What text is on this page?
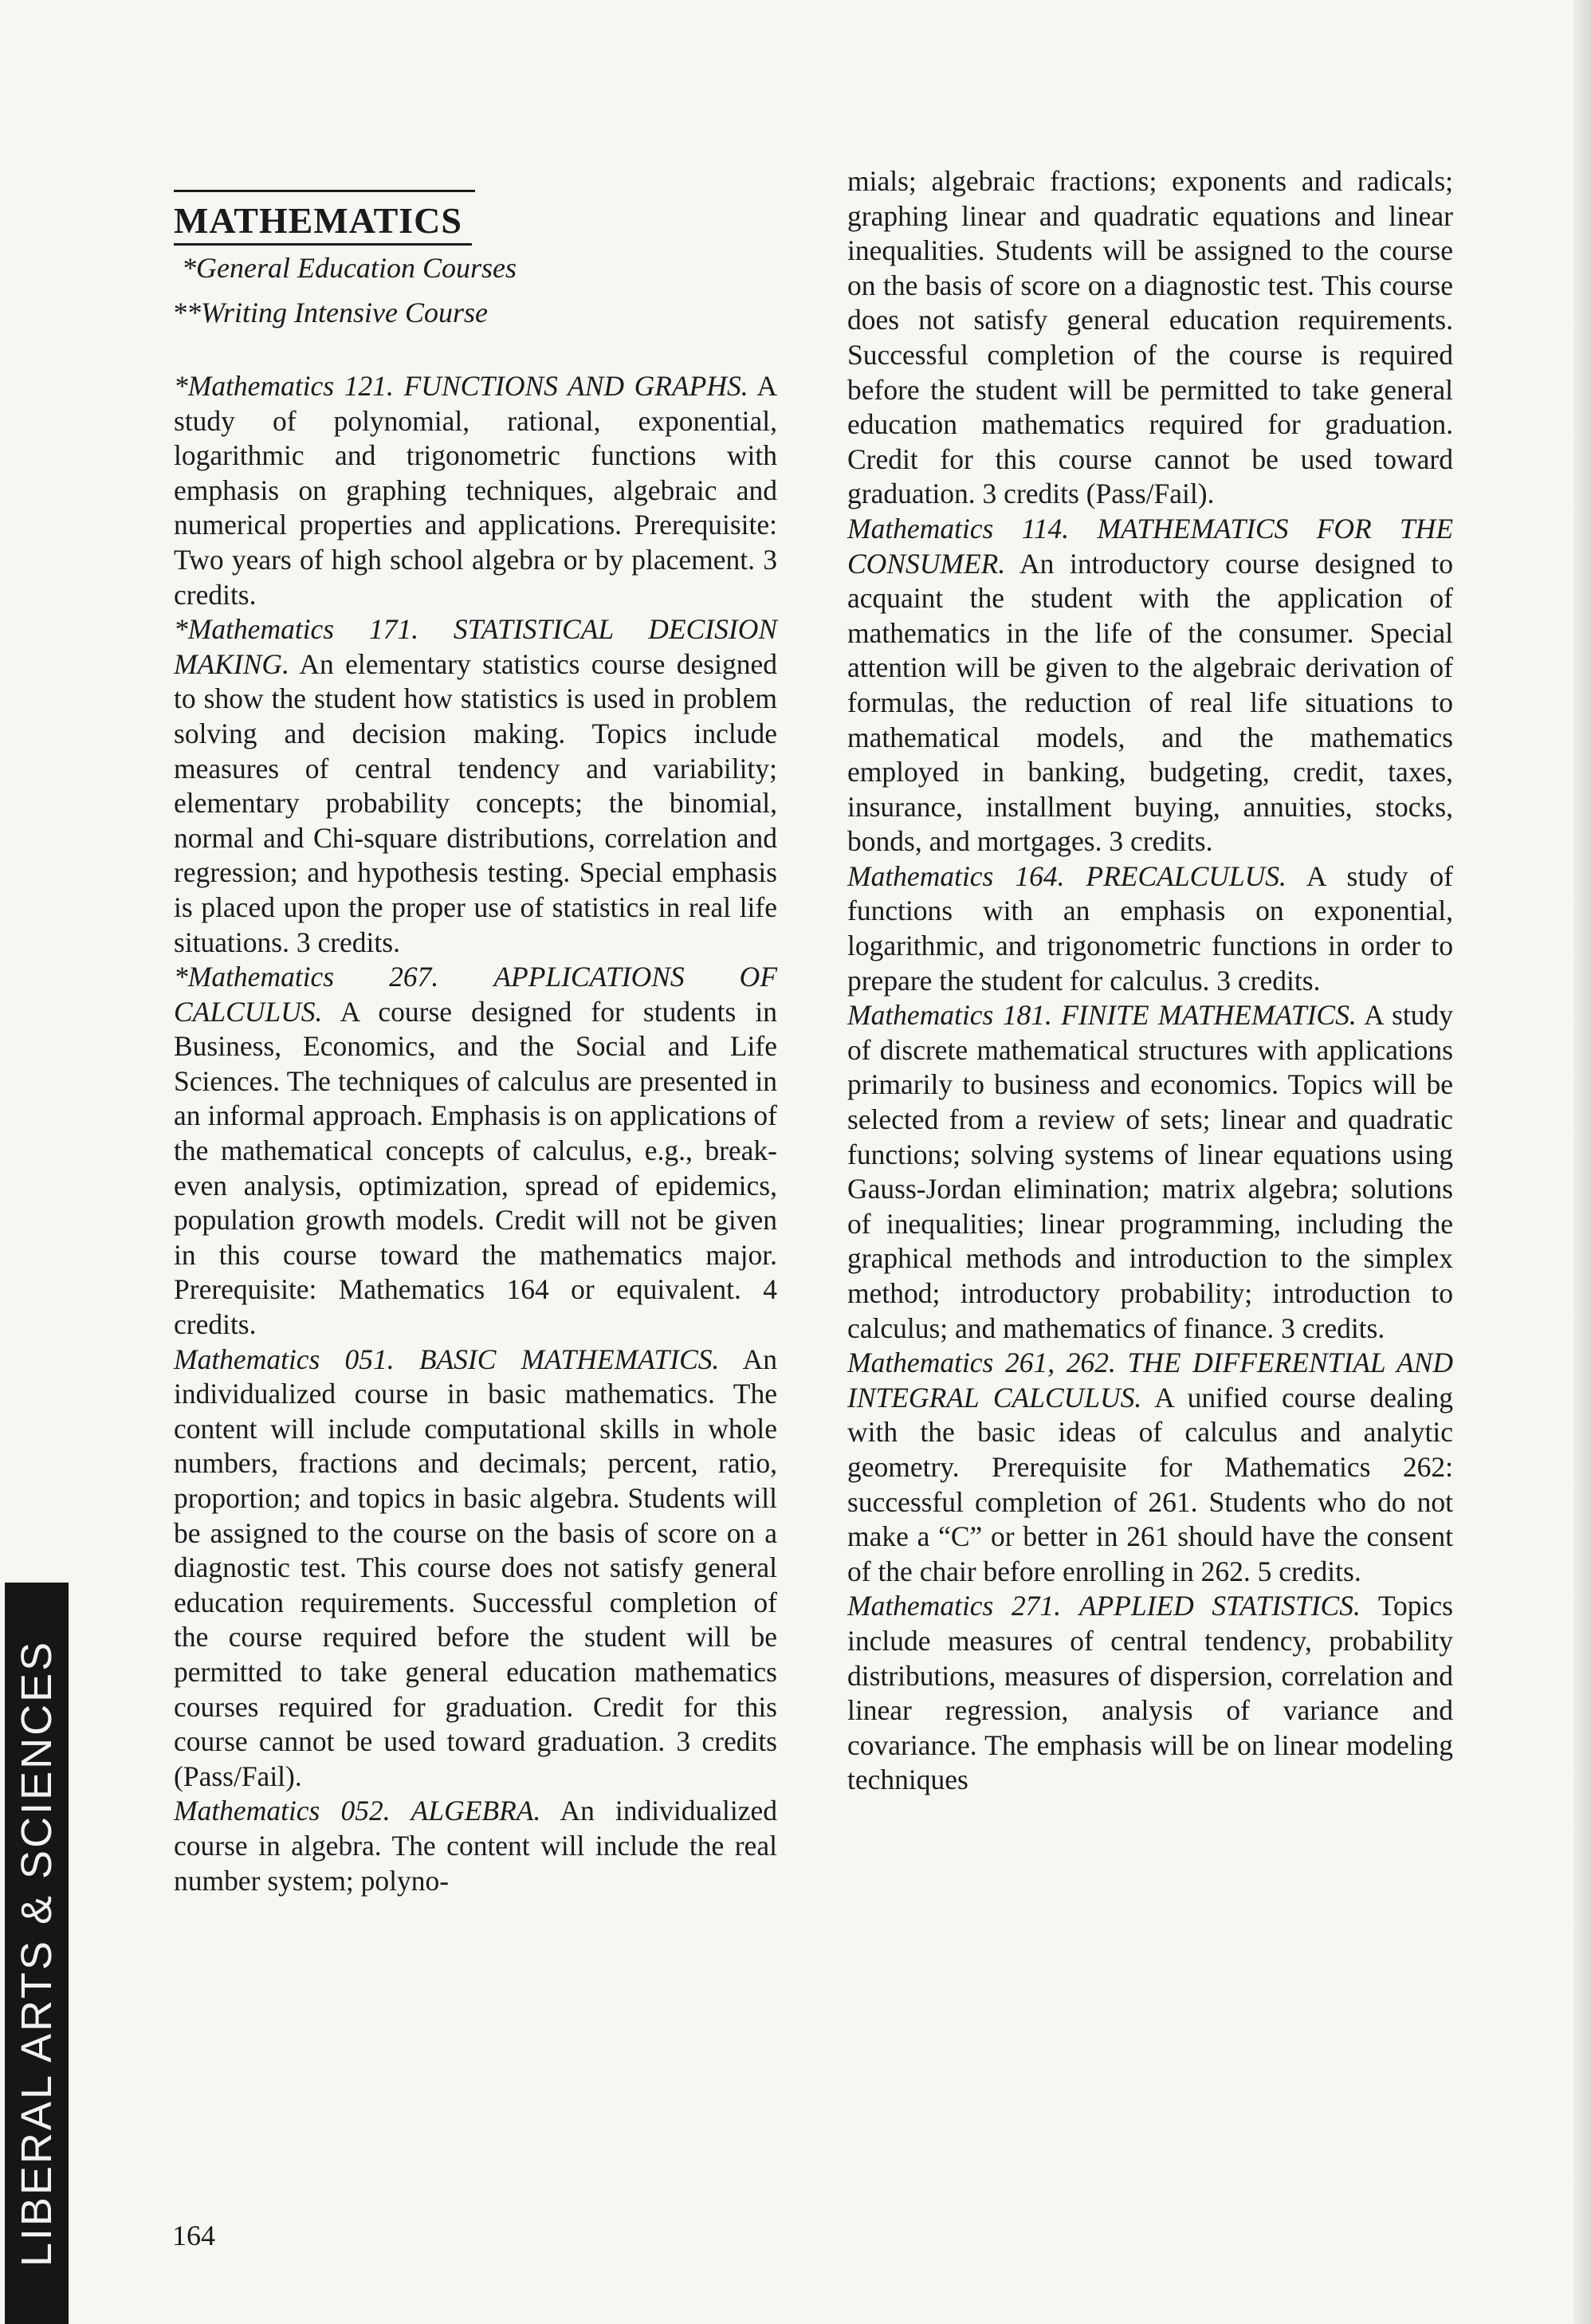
LIBERAL ARTS & SCIENCES
MATHEMATICS
*General Education Courses
**Writing Intensive Course

*Mathematics 121. FUNCTIONS AND GRAPHS. A study of polynomial, rational, exponential, logarithmic and trigonometric functions with emphasis on graphing techniques, algebraic and numerical properties and applications. Prerequisite: Two years of high school algebra or by placement. 3 credits.

*Mathematics 171. STATISTICAL DECISION MAKING. An elementary statistics course designed to show the student how statistics is used in problem solving and decision making. Topics include measures of central tendency and variability; elementary probability concepts; the binomial, normal and Chi-square distributions, correlation and regression; and hypothesis testing. Special emphasis is placed upon the proper use of statistics in real life situations. 3 credits.

*Mathematics 267. APPLICATIONS OF CALCULUS. A course designed for students in Business, Economics, and the Social and Life Sciences. The techniques of calculus are presented in an informal approach. Emphasis is on applications of the mathematical concepts of calculus, e.g., break-even analysis, optimization, spread of epidemics, population growth models. Credit will not be given in this course toward the mathematics major. Prerequisite: Mathematics 164 or equivalent. 4 credits.

Mathematics 051. BASIC MATHEMATICS. An individualized course in basic mathematics. The content will include computational skills in whole numbers, fractions and decimals; percent, ratio, proportion; and topics in basic algebra. Students will be assigned to the course on the basis of score on a diagnostic test. This course does not satisfy general education requirements. Successful completion of the course required before the student will be permitted to take general education mathematics courses required for graduation. Credit for this course cannot be used toward graduation. 3 credits (Pass/Fail).

Mathematics 052. ALGEBRA. An individualized course in algebra. The content will include the real number system; polyno-

mials; algebraic fractions; exponents and radicals; graphing linear and quadratic equations and linear inequalities. Students will be assigned to the course on the basis of score on a diagnostic test. This course does not satisfy general education requirements. Successful completion of the course is required before the student will be permitted to take general education mathematics required for graduation. Credit for this course cannot be used toward graduation. 3 credits (Pass/Fail).

Mathematics 114. MATHEMATICS FOR THE CONSUMER. An introductory course designed to acquaint the student with the application of mathematics in the life of the consumer. Special attention will be given to the algebraic derivation of formulas, the reduction of real life situations to mathematical models, and the mathematics employed in banking, budgeting, credit, taxes, insurance, installment buying, annuities, stocks, bonds, and mortgages. 3 credits.

Mathematics 164. PRECALCULUS. A study of functions with an emphasis on exponential, logarithmic, and trigonometric functions in order to prepare the student for calculus. 3 credits.

Mathematics 181. FINITE MATHEMATICS. A study of discrete mathematical structures with applications primarily to business and economics. Topics will be selected from a review of sets; linear and quadratic functions; solving systems of linear equations using Gauss-Jordan elimination; matrix algebra; solutions of inequalities; linear programming, including the graphical methods and introduction to the simplex method; introductory probability; introduction to calculus; and mathematics of finance. 3 credits.

Mathematics 261, 262. THE DIFFERENTIAL AND INTEGRAL CALCULUS. A unified course dealing with the basic ideas of calculus and analytic geometry. Prerequisite for Mathematics 262: successful completion of 261. Students who do not make a “C” or better in 261 should have the consent of the chair before enrolling in 262. 5 credits.

Mathematics 271. APPLIED STATISTICS. Topics include measures of central tendency, probability distributions, measures of dispersion, correlation and linear regression, analysis of variance and covariance. The emphasis will be on linear modeling techniques

164
